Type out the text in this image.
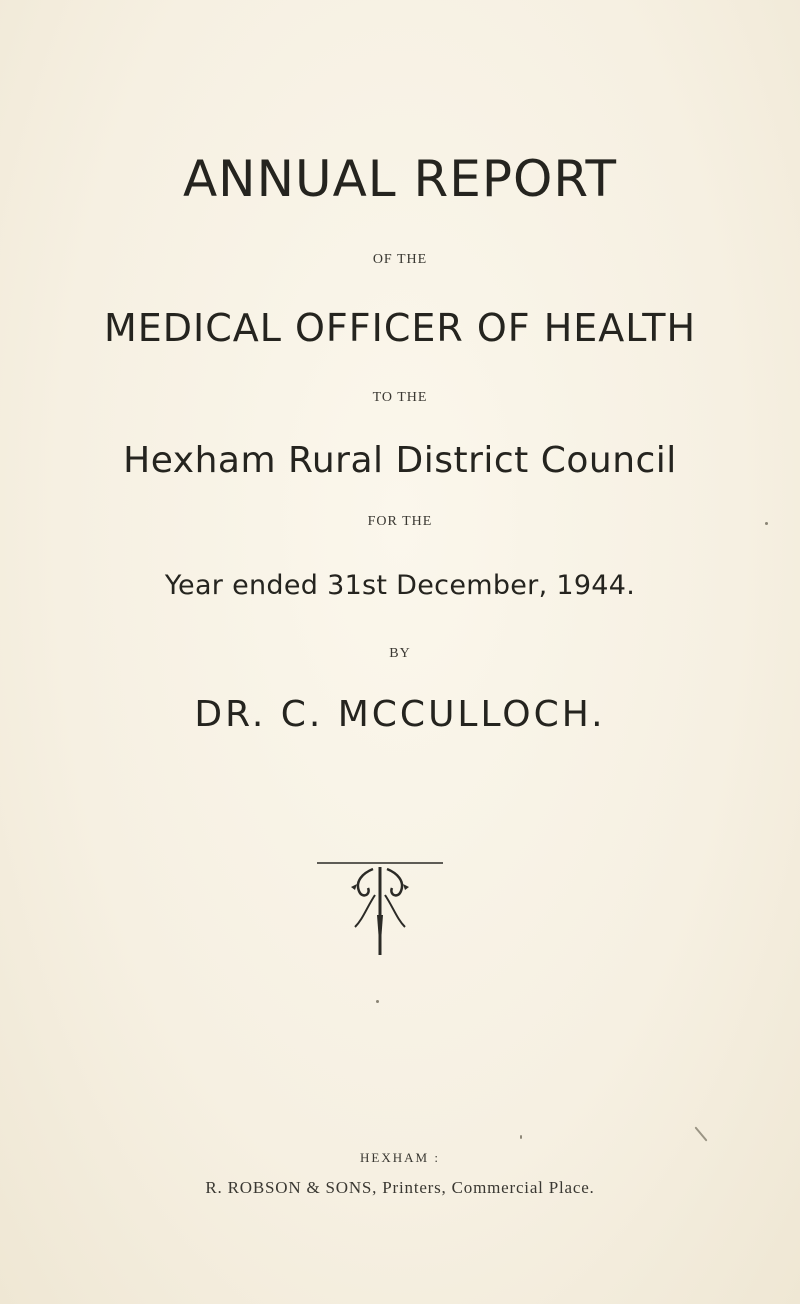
ANNUAL REPORT
OF THE
MEDICAL OFFICER OF HEALTH
TO THE
Hexham Rural District Council
FOR THE
Year ended 31st December, 1944.
BY
DR. C. MCCULLOCH.
HEXHAM :
R. ROBSON & SONS, Printers, Commercial Place.
